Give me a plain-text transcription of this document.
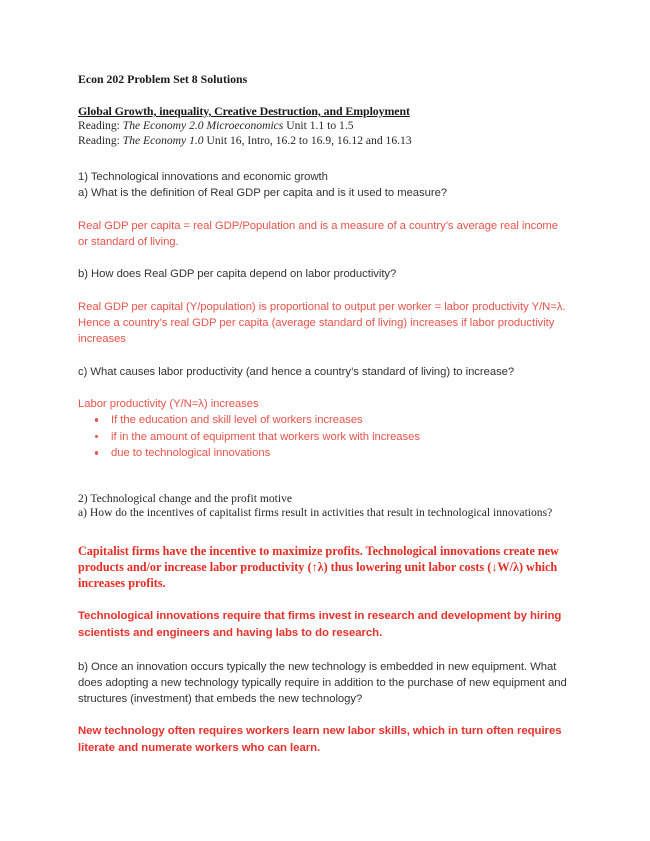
Econ 202 Problem Set 8 Solutions

Global Growth, inequality, Creative Destruction, and Employment

Reading: The Economy 2.0 Microeconomics Unit 1.1 to 1.5

Reading: The Economy 1.0 Unit 16, Intro, 16.2 to 16.9, 16.12 and 16.13

1) Technological innovations and economic growth

a) What is the definition of Real GDP per capita and is it used to measure?

Real GDP per capita = real GDP/Population and is a measure of a country’s average real income or standard of living.

b) How does Real GDP per capita depend on labor productivity?

Real GDP per capital (Y/population) is proportional to output per worker = labor productivity Y/N=λ. Hence a country’s real GDP per capita (average standard of living) increases if labor productivity increases

c) What causes labor productivity (and hence a country’s standard of living) to increase?

Labor productivity (Y/N=λ) increases

If the education and skill level of workers increases
if in the amount of equipment that workers work with increases
due to technological innovations

2) Technological change and the profit motive

a) How do the incentives of capitalist firms result in activities that result in technological innovations?

Capitalist firms have the incentive to maximize profits. Technological innovations create new products and/or increase labor productivity (↑λ) thus lowering unit labor costs (↓W/λ) which increases profits.

Technological innovations require that firms invest in research and development by hiring scientists and engineers and having labs to do research.

b) Once an innovation occurs typically the new technology is embedded in new equipment. What does adopting a new technology typically require in addition to the purchase of new equipment and structures (investment) that embeds the new technology?

New technology often requires workers learn new labor skills, which in turn often requires literate and numerate workers who can learn.
